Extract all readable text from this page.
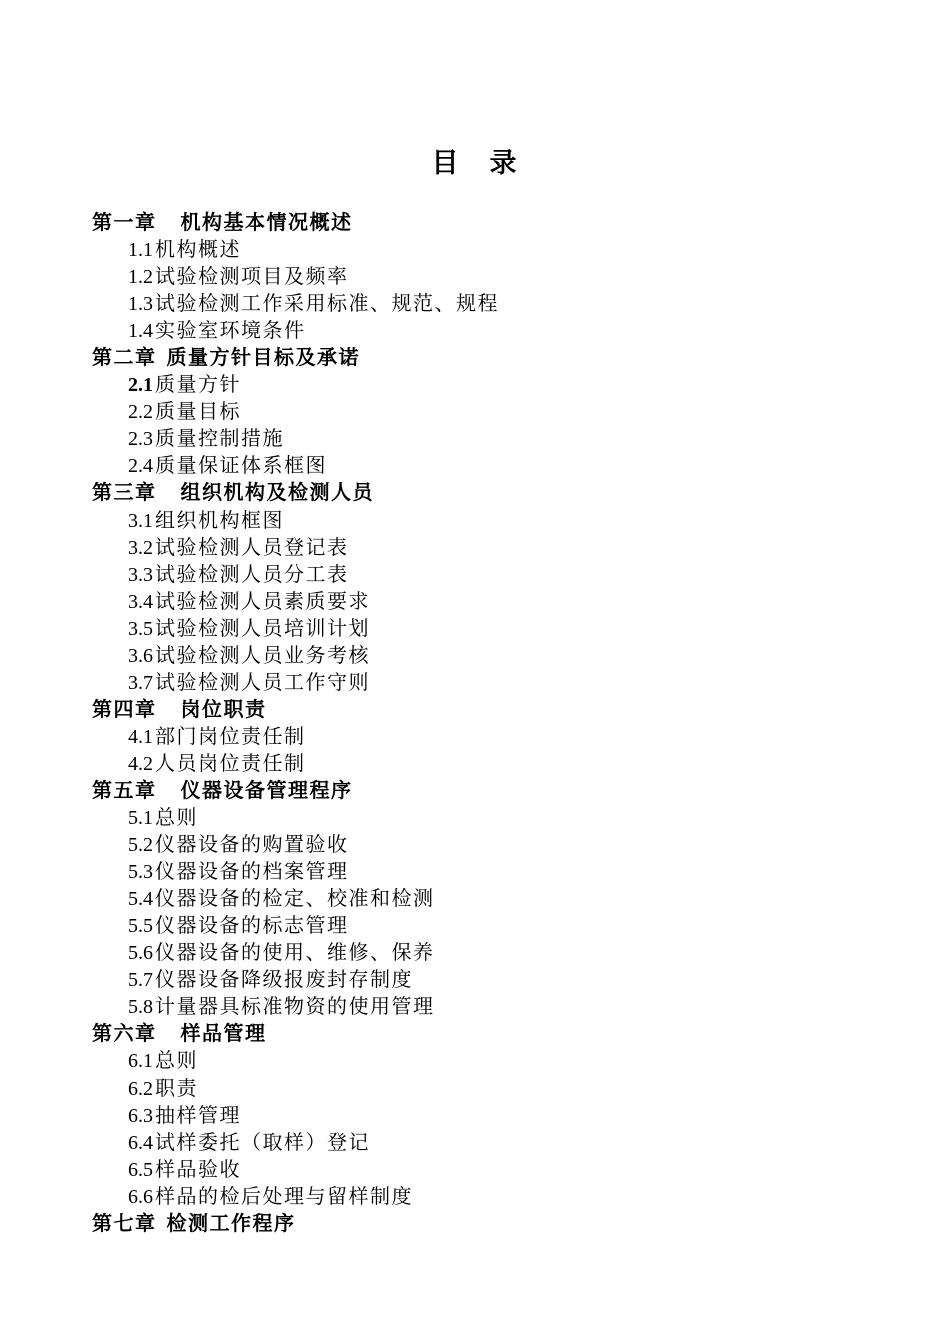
目　录
第一章 机构基本情况概述
1.1 机构概述
1.2 试验检测项目及频率
1.3 试验检测工作采用标准、规范、规程
1.4 实验室环境条件
第二章 质量方针目标及承诺
2.1 质量方针
2.2 质量目标
2.3 质量控制措施
2.4 质量保证体系框图
第三章 组织机构及检测人员
3.1 组织机构框图
3.2 试验检测人员登记表
3.3 试验检测人员分工表
3.4 试验检测人员素质要求
3.5 试验检测人员培训计划
3.6 试验检测人员业务考核
3.7 试验检测人员工作守则
第四章 岗位职责
4.1 部门岗位责任制
4.2 人员岗位责任制
第五章 仪器设备管理程序
5.1 总则
5.2 仪器设备的购置验收
5.3 仪器设备的档案管理
5.4 仪器设备的检定、校准和检测
5.5 仪器设备的标志管理
5.6 仪器设备的使用、维修、保养
5.7 仪器设备降级报废封存制度
5.8 计量器具标准物资的使用管理
第六章 样品管理
6.1 总则
6.2 职责
6.3 抽样管理
6.4 试样委托（取样）登记
6.5 样品验收
6.6 样品的检后处理与留样制度
第七章 检测工作程序
